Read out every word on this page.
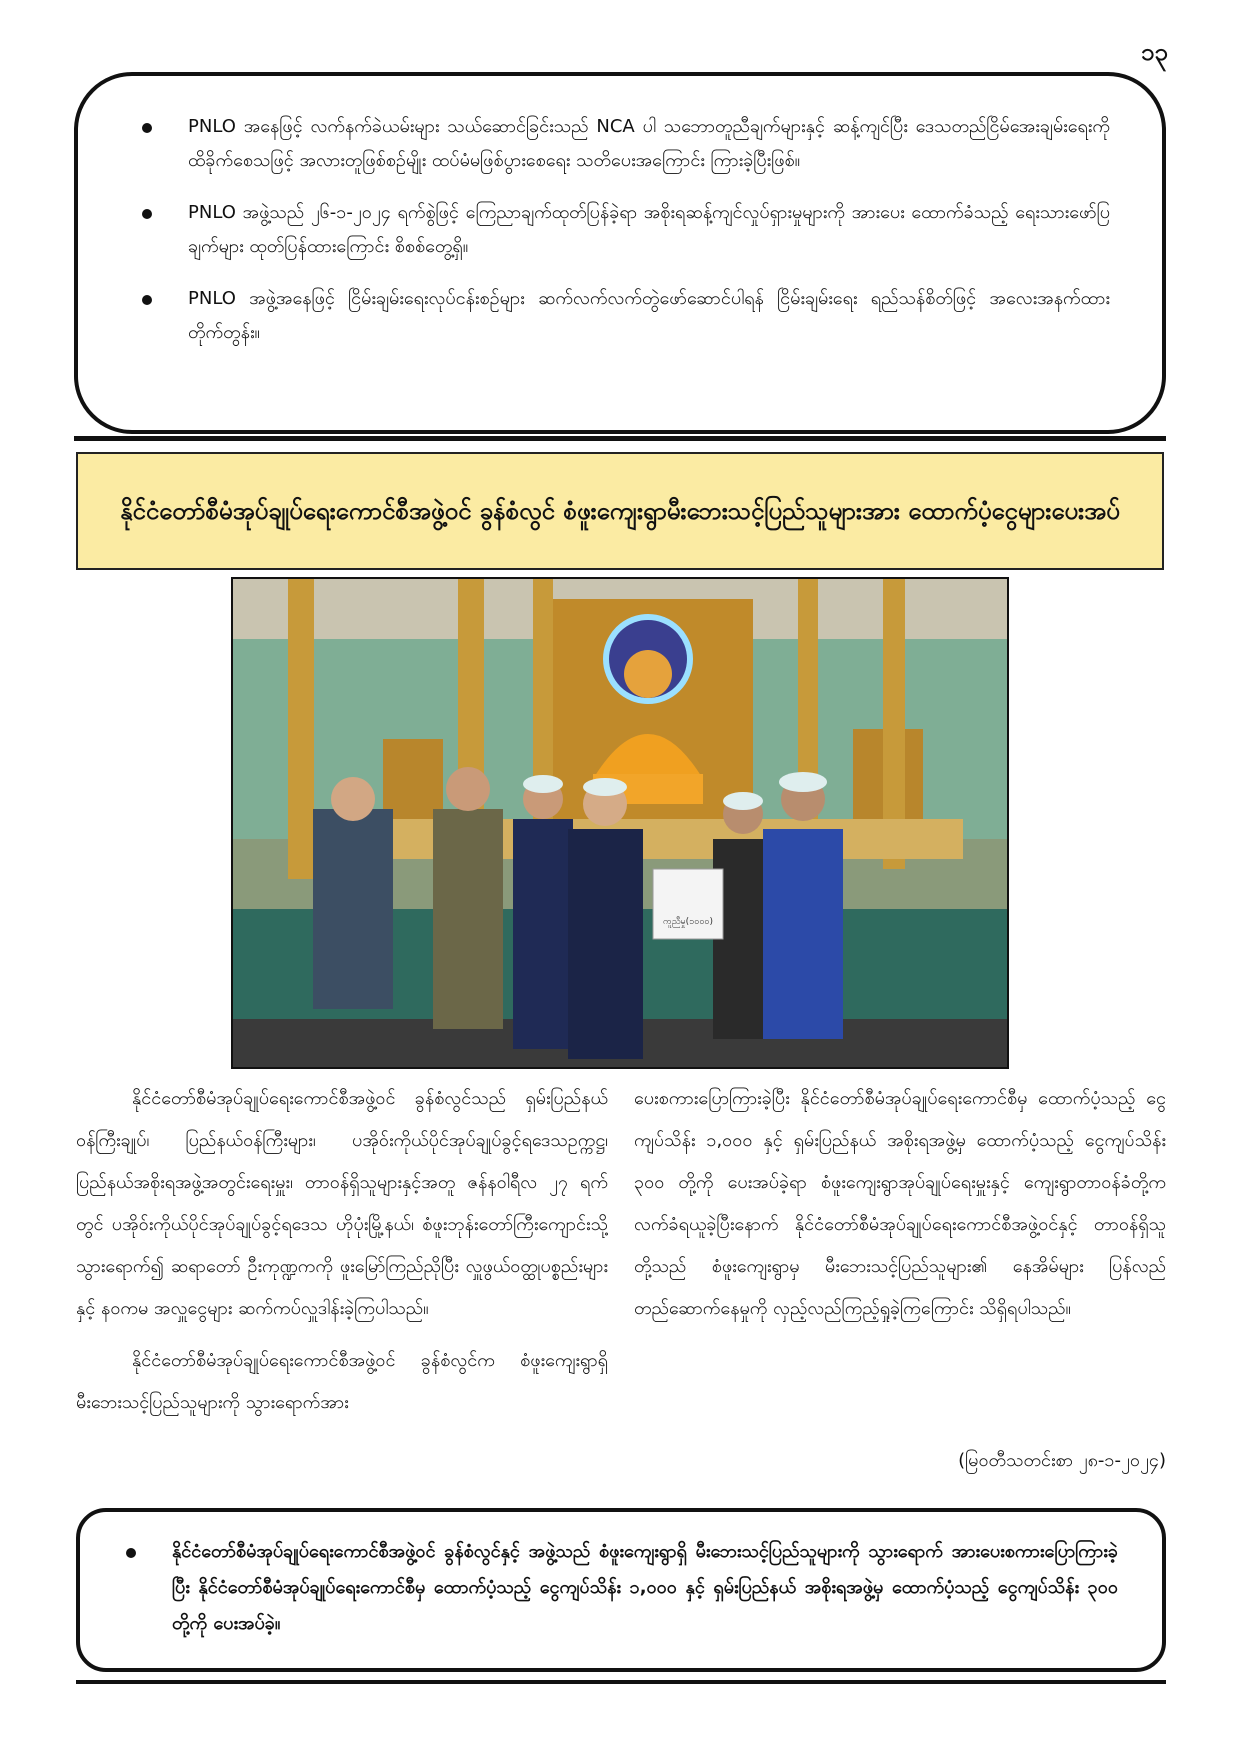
၁၃
PNLO အနေဖြင့် လက်နက်ခဲယမ်းများ သယ်ဆောင်ခြင်းသည် NCA ပါ သဘောတူညီချက်များနှင့် ဆန့်ကျင်ပြီး ဒေသတည်ငြိမ်အေးချမ်းရေးကို ထိခိုက်စေသဖြင့် အလားတူဖြစ်စဉ်မျိုး ထပ်မံမဖြစ်ပွားစေရေး သတိပေးအကြောင်း ကြားခဲ့ပြီးဖြစ်။
PNLO အဖွဲ့သည် ၂၆-၁-၂၀၂၄ ရက်စွဲဖြင့် ကြေညာချက်ထုတ်ပြန်ခဲ့ရာ အစိုးရဆန့်ကျင်လှုပ်ရှားမှုများကို အားပေး ထောက်ခံသည့် ရေးသားဖော်ပြချက်များ ထုတ်ပြန်ထားကြောင်း စိစစ်တွေ့ရှိ။
PNLO အဖွဲ့အနေဖြင့် ငြိမ်းချမ်းရေးလုပ်ငန်းစဉ်များ ဆက်လက်လက်တွဲဖော်ဆောင်ပါရန် ငြိမ်းချမ်းရေး ရည်သန်စိတ်ဖြင့် အလေးအနက်ထားတိုက်တွန်း။
နိုင်ငံတော်စီမံအုပ်ချုပ်ရေးကောင်စီအဖွဲ့ဝင် ခွန်စံလွင် စံဖူးကျေးရွာမီးဘေးသင့်ပြည်သူများအား ထောက်ပံ့ငွေများပေးအပ်
ကူညီမှု(၁၀၀၀)

နိုင်ငံတော်စီမံအုပ်ချုပ်ရေးကောင်စီအဖွဲ့ဝင် ခွန်စံလွင်သည် ရှမ်းပြည်နယ်ဝန်ကြီးချုပ်၊ ပြည်နယ်ဝန်ကြီးများ၊ ပအိုဝ်းကိုယ်ပိုင်အုပ်ချုပ်ခွင့်ရဒေသဥက္ကဋ္ဌ၊ ပြည်နယ်အစိုးရအဖွဲ့အတွင်းရေးမှူး၊ တာဝန်ရှိသူများနှင့်အတူ ဇန်နဝါရီလ ၂၇ ရက်တွင် ပအိုဝ်းကိုယ်ပိုင်အုပ်ချုပ်ခွင့်ရဒေသ ဟိုပုံးမြို့နယ်၊ စံဖူးဘုန်းတော်ကြီးကျောင်းသို့ သွားရောက်၍ ဆရာတော် ဦးကုဏ္ဍကကို ဖူးမြော်ကြည်ညိုပြီး လှူဖွယ်ဝတ္ထုပစ္စည်းများနှင့် နဝကမ အလှူငွေများ ဆက်ကပ်လှူဒါန်းခဲ့ကြပါသည်။

နိုင်ငံတော်စီမံအုပ်ချုပ်ရေးကောင်စီအဖွဲ့ဝင် ခွန်စံလွင်က စံဖူးကျေးရွာရှိ မီးဘေးသင့်ပြည်သူများကို သွားရောက်အား

ပေးစကားပြောကြားခဲ့ပြီး နိုင်ငံတော်စီမံအုပ်ချုပ်ရေးကောင်စီမှ ထောက်ပံ့သည့် ငွေကျပ်သိန်း ၁,၀၀၀ နှင့် ရှမ်းပြည်နယ် အစိုးရအဖွဲ့မှ ထောက်ပံ့သည့် ငွေကျပ်သိန်း ၃၀၀ တို့ကို ပေးအပ်ခဲ့ရာ စံဖူးကျေးရွာအုပ်ချုပ်ရေးမှူးနှင့် ကျေးရွာတာဝန်ခံတို့က လက်ခံရယူခဲ့ပြီးနောက် နိုင်ငံတော်စီမံအုပ်ချုပ်ရေးကောင်စီအဖွဲ့ဝင်နှင့် တာဝန်ရှိသူတို့သည် စံဖူးကျေးရွာမှ မီးဘေးသင့်ပြည်သူများ၏ နေအိမ်များ ပြန်လည်တည်ဆောက်နေမှုကို လှည့်လည်ကြည့်ရှုခဲ့ကြကြောင်း သိရှိရပါသည်။

(မြဝတီသတင်းစာ ၂၈-၁-၂၀၂၄)
နိုင်ငံတော်စီမံအုပ်ချုပ်ရေးကောင်စီအဖွဲ့ဝင် ခွန်စံလွင်နှင့် အဖွဲ့သည် စံဖူးကျေးရွာရှိ မီးဘေးသင့်ပြည်သူများကို သွားရောက် အားပေးစကားပြောကြားခဲ့ပြီး နိုင်ငံတော်စီမံအုပ်ချုပ်ရေးကောင်စီမှ ထောက်ပံ့သည့် ငွေကျပ်သိန်း ၁,၀၀၀ နှင့် ရှမ်းပြည်နယ် အစိုးရအဖွဲ့မှ ထောက်ပံ့သည့် ငွေကျပ်သိန်း ၃၀၀ တို့ကို ပေးအပ်ခဲ့။
